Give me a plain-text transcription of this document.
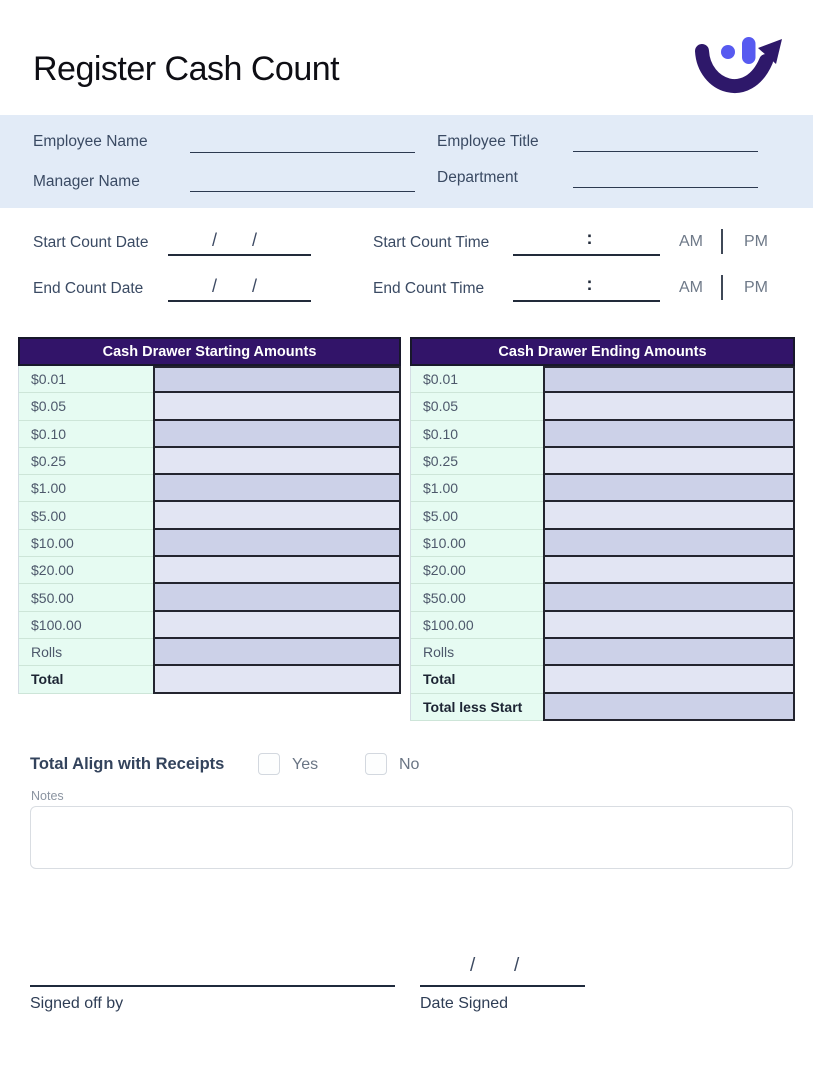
Register Cash Count
Employee Name	Employee Title
Manager Name	Department
Start Count Date	/ /	Start Count Time	:	AM	PM
End Count Date	/ /	End Count Time	:	AM	PM
Cash Drawer Starting Amounts
$0.01
$0.05
$0.10
$0.25
$1.00
$5.00
$10.00
$20.00
$50.00
$100.00
Rolls
Total
Cash Drawer Ending Amounts
$0.01
$0.05
$0.10
$0.25
$1.00
$5.00
$10.00
$20.00
$50.00
$100.00
Rolls
Total
Total less Start
Total Align with Receipts	Yes	No
Notes
Signed off by
/ /
Date Signed
